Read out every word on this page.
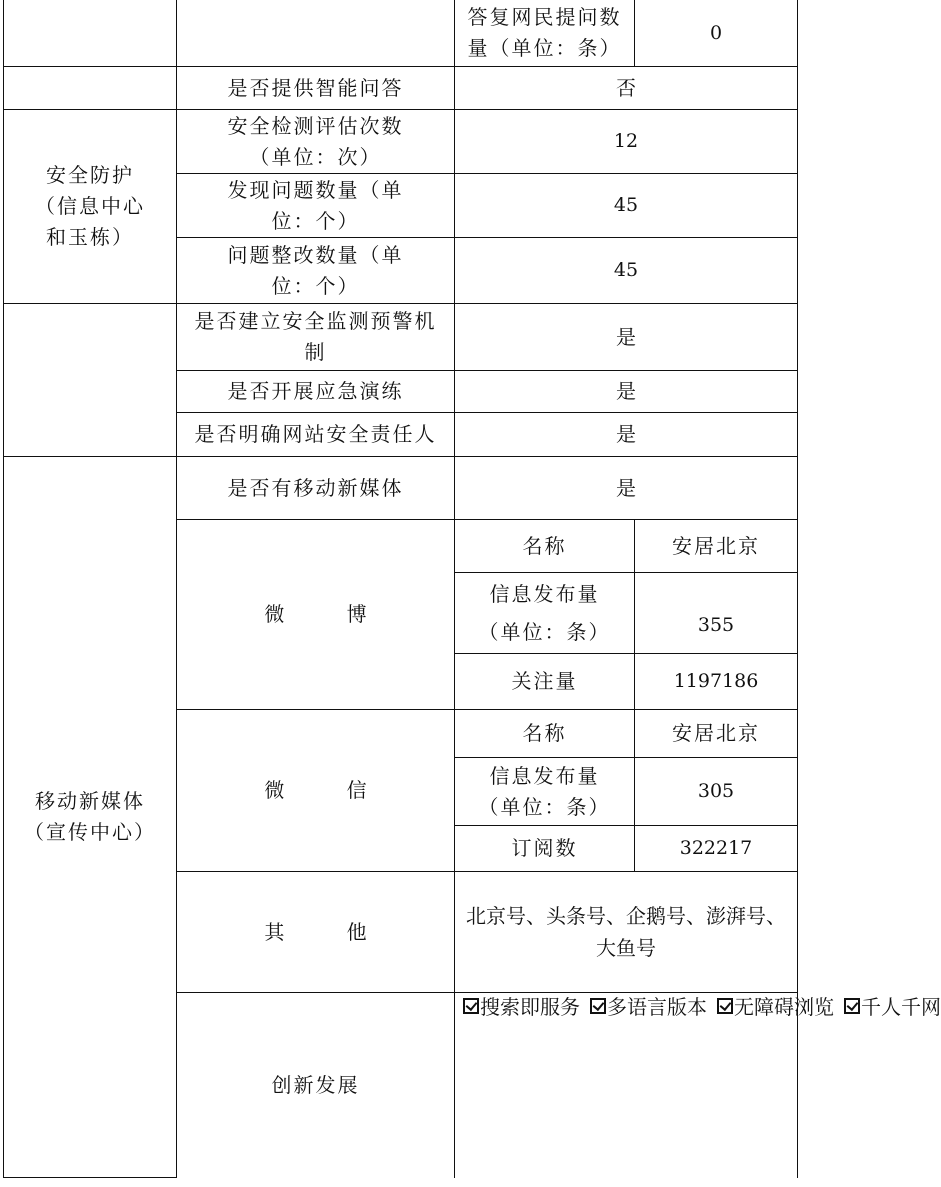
		答复网民提问数量（单位：条）	0
	是否提供智能问答	否	
安全防护（信息中心和玉栋）	安全检测评估次数（单位：次）	12	
	发现问题数量（单位：个）	45	
	问题整改数量（单位：个）	45	
	是否建立安全监测预警机制	是	
	是否开展应急演练	是	
	是否明确网站安全责任人	是	
移动新媒体（宣传中心）	是否有移动新媒体	是	
	微 博	名称	安居北京
		信息发布量（单位：条）	355
		关注量	1197186
	微 信	名称	安居北京
		信息发布量（单位：条）	305
		订阅数	322217
	其 他	北京号、头条号、企鹅号、澎湃号、大鱼号	
	创新发展	搜索即服务 多语言版本 无障碍浏览 千人千网	
